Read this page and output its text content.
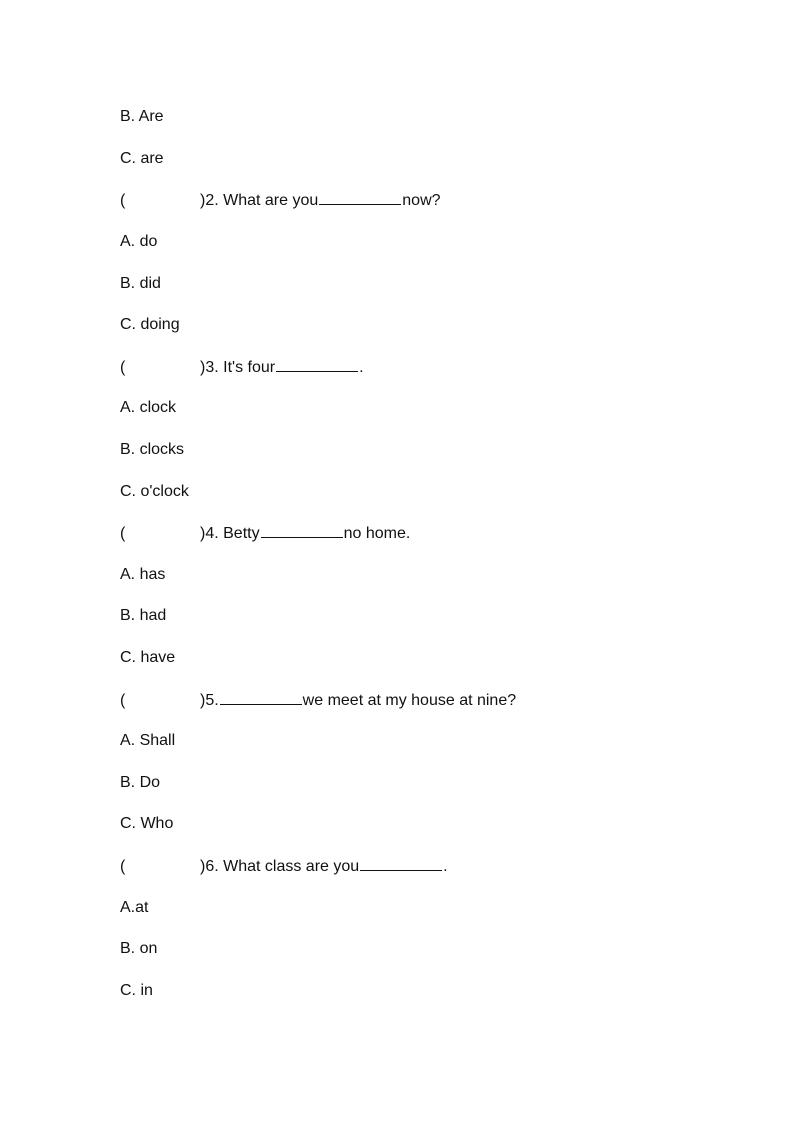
B. Are
C. are
(	)2. What are you	now?
A. do
B. did
C. doing
(	)3. It's four	.
A. clock
B. clocks
C. o'clock
(	)4. Betty	no home.
A. has
B. had
C. have
(	)5.	we meet at my house at nine?
A. Shall
B. Do
C. Who
(	)6. What class are you	.
A.at
B. on
C. in
